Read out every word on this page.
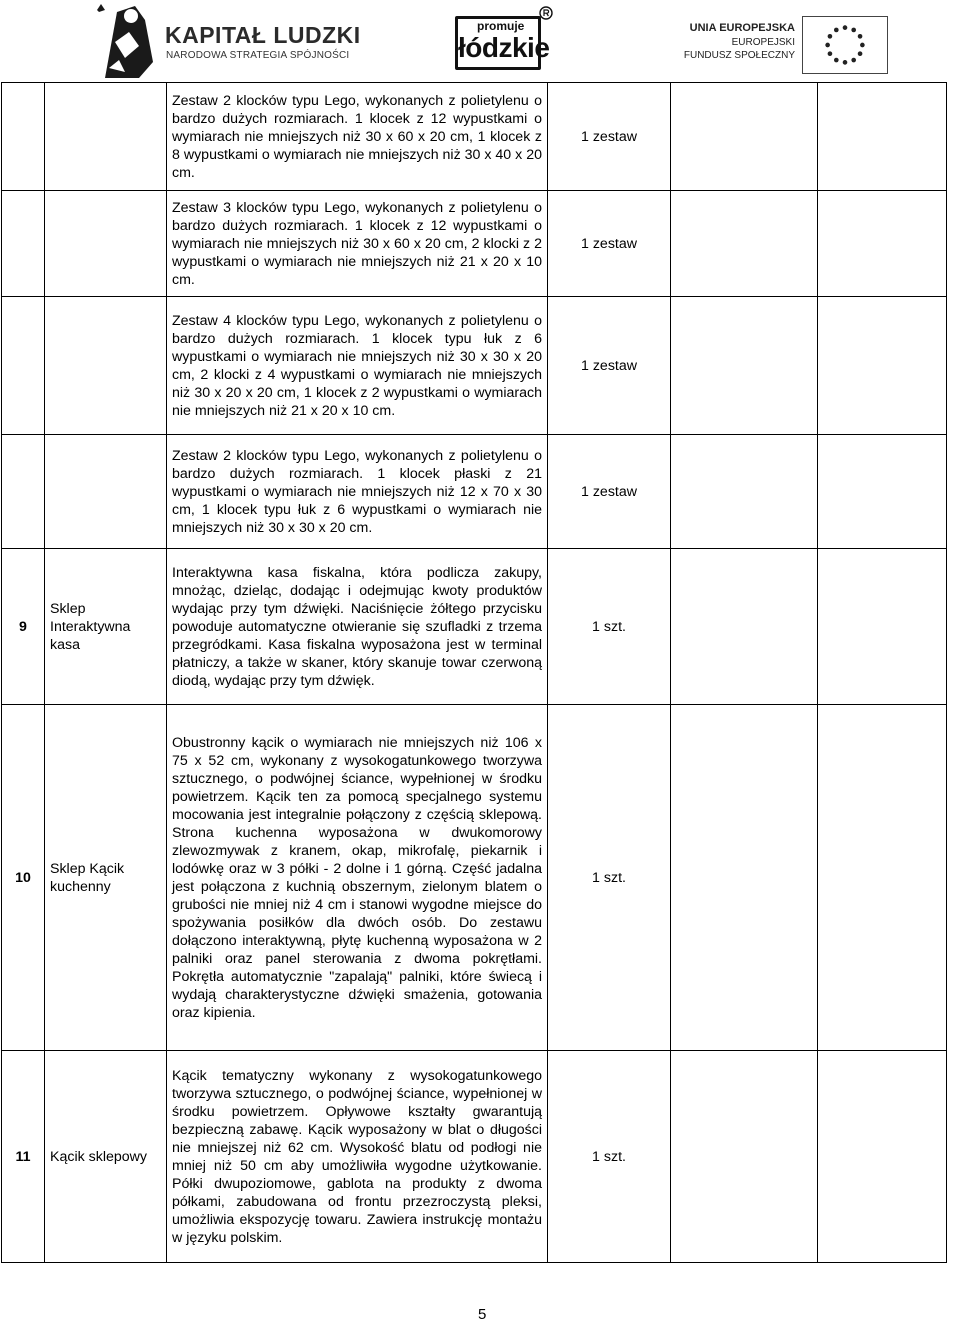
KAPITAŁ LUDZKI
NARODOWA STRATEGIA SPÓJNOŚCI
promuje
łódzkie
UNIA EUROPEJSKA
EUROPEJSKI
FUNDUSZ SPOŁECZNY
		Zestaw 2 klocków typu Lego, wykonanych z polietylenu o bardzo dużych rozmiarach. 1 klocek z 12 wypustkami o wymiarach nie mniejszych niż 30 x 60 x 20 cm, 1 klocek z 8 wypustkami o wymiarach nie mniejszych niż 30 x 40 x 20 cm.	1 zestaw		
		Zestaw 3 klocków typu Lego, wykonanych z polietylenu o bardzo dużych rozmiarach. 1 klocek z 12 wypustkami o wymiarach nie mniejszych niż 30 x 60 x 20 cm, 2 klocki z 2 wypustkami o wymiarach nie mniejszych niż 21 x 20 x 10 cm.	1 zestaw		
		Zestaw 4 klocków typu Lego, wykonanych z polietylenu o bardzo dużych rozmiarach. 1 klocek typu łuk z 6 wypustkami o wymiarach nie mniejszych niż 30 x 30 x 20 cm, 2 klocki z 4 wypustkami o wymiarach nie mniejszych niż 30 x 20 x 20 cm, 1 klocek z 2 wypustkami o wymiarach nie mniejszych niż 21 x 20 x 10 cm.	1 zestaw		
		Zestaw 2 klocków typu Lego, wykonanych z polietylenu o bardzo dużych rozmiarach. 1 klocek płaski z 21 wypustkami o wymiarach nie mniejszych niż 12 x 70 x 30 cm, 1 klocek typu łuk z 6 wypustkami o wymiarach nie mniejszych niż 30 x 30 x 20 cm.	1 zestaw		
9	Sklep Interaktywna kasa	Interaktywna kasa fiskalna, która podlicza zakupy, mnożąc, dzieląc, dodając i odejmując kwoty produktów wydając przy tym dźwięki. Naciśnięcie żółtego przycisku powoduje automatyczne otwieranie się szufladki z trzema przegródkami. Kasa fiskalna wyposażona jest w terminal płatniczy, a także w skaner, który skanuje towar czerwoną diodą, wydając przy tym dźwięk.	1 szt.		
10	Sklep Kącik kuchenny	Obustronny kącik o wymiarach nie mniejszych niż 106 x 75 x 52 cm, wykonany z wysokogatunkowego tworzywa sztucznego, o podwójnej ściance, wypełnionej w środku powietrzem. Kącik ten za pomocą specjalnego systemu mocowania jest integralnie połączony z częścią sklepową. Strona kuchenna wyposażona w dwukomorowy zlewozmywak z kranem, okap, mikrofalę, piekarnik i lodówkę oraz w 3 półki - 2 dolne i 1 górną. Część jadalna jest połączona z kuchnią obszernym, zielonym blatem o grubości nie mniej niż 4 cm i stanowi wygodne miejsce do spożywania posiłków dla dwóch osób. Do zestawu dołączono interaktywną, płytę kuchenną wyposażona w 2 palniki oraz panel sterowania z dwoma pokrętłami. Pokrętła automatycznie "zapalają" palniki, które świecą i wydają charakterystyczne dźwięki smażenia, gotowania oraz kipienia.	1 szt.		
11	Kącik sklepowy	Kącik tematyczny wykonany z wysokogatunkowego tworzywa sztucznego, o podwójnej ściance, wypełnionej w środku powietrzem. Opływowe kształty gwarantują bezpieczną zabawę. Kącik wyposażony w blat o długości nie mniejszej niż 62 cm. Wysokość blatu od podłogi nie mniej niż 50 cm aby umożliwiła wygodne użytkowanie. Półki dwupoziomowe, gablota na produkty z dwoma półkami, zabudowana od frontu przezroczystą pleksi, umożliwia ekspozycję towaru. Zawiera instrukcję montażu w języku polskim.	1 szt.		
5
